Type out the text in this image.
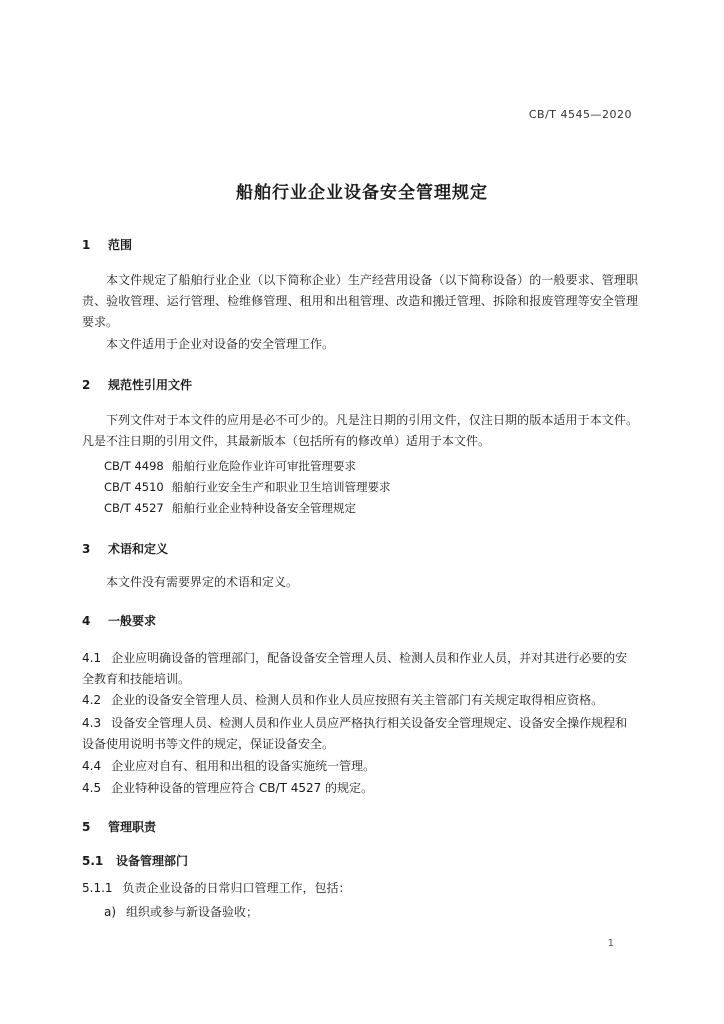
CB/T 4545—2020
船舶行业企业设备安全管理规定
1 范围
本文件规定了船舶行业企业（以下简称企业）生产经营用设备（以下简称设备）的一般要求、管理职责、验收管理、运行管理、检维修管理、租用和出租管理、改造和搬迁管理、拆除和报废管理等安全管理要求。
本文件适用于企业对设备的安全管理工作。
2 规范性引用文件
下列文件对于本文件的应用是必不可少的。凡是注日期的引用文件，仅注日期的版本适用于本文件。凡是不注日期的引用文件，其最新版本（包括所有的修改单）适用于本文件。
CB/T 4498 船舶行业危险作业许可审批管理要求
CB/T 4510 船舶行业安全生产和职业卫生培训管理要求
CB/T 4527 船舶行业企业特种设备安全管理规定
3 术语和定义
本文件没有需要界定的术语和定义。
4 一般要求
4.1 企业应明确设备的管理部门，配备设备安全管理人员、检测人员和作业人员，并对其进行必要的安全教育和技能培训。
4.2 企业的设备安全管理人员、检测人员和作业人员应按照有关主管部门有关规定取得相应资格。
4.3 设备安全管理人员、检测人员和作业人员应严格执行相关设备安全管理规定、设备安全操作规程和设备使用说明书等文件的规定，保证设备安全。
4.4 企业应对自有、租用和出租的设备实施统一管理。
4.5 企业特种设备的管理应符合 CB/T 4527 的规定。
5 管理职责
5.1 设备管理部门
5.1.1 负责企业设备的日常归口管理工作，包括：
a) 组织或参与新设备验收；
1
